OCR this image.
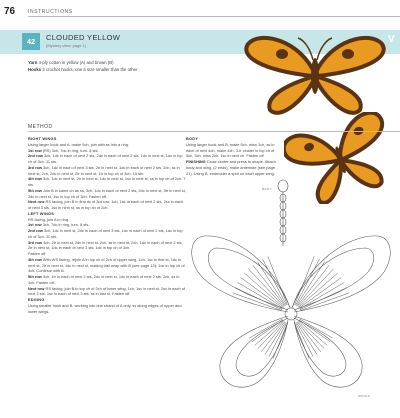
76	INSTRUCTIONS
42	CLOUDED YELLOW
(Mystery view: page 1)
V
Yarn 4-ply cotton in yellow (A) and brown (B)
Hooks 2 crochet hooks, one a size smaller than the other
METHOD

RIGHT WINGS

Using larger hook and A, make 9ch, join with ss into a ring.

1st row (RS) 3ch, 7dc in ring, turn. 8 sts.

2nd row 3ch, 1dc in each of next 2 sts, 2dc in each of next 2 sts, 1dc in next st, 1dc in top ch of 3ch. 11 sts.

3rd row 3ch, 1dc in each of next 3 sts, 2tr in next st, 1dc in each of next 2 sts, 2ch, ss in next st, 2ch, 2dc in next st, 2tr in next st, 1tr in top ch of 3ch. 15 sts.

4th row 3ch, 1dc in next st, 2tr in next st, 1dc in next st, 1sc in next st, ss in top ch of 2ch. 7 sts.

5th row Join B in same ch as ss, 3ch, 1dc in each of next 2 sts, 2dc in next st, 3tr in next st, 2dc in next st, 1sc in top ch of 3ch. Fasten off.

Next row RS facing, join B in first dc of 3rd row, 1ch, 1sc in each of next 2 sts, 2sc in each of next 3 sts, 1sc in next st, ss in top ch of 2ch.

LEFT WINGS

RS facing, join A in ring.

1st row 3ch, 7dc in ring, turn. 8 sts.

2nd row 3ch, 1dc in next st, 2dc in each of next 3 sts, 1dc in each of next 2 sts, 1dc in top ch of 3ch. 11 sts.

3rd row 4ch, 2tr in next st, 2dc in next st, 2ch, ss in next st, 2ch, 1dc in each of next 2 sts, 2tr in next st, 1dc in each of next 3 sts, 1dc in top ch of 3ch.

Fasten off.

4th row With WS facing, rejoin A in top ch of 2ch of upper wing, 1ch, 1sc in first st, 1dc in next st, 2tr in next st, 1dc in next st, making last wrap with B (see page 13): 1dc in top ch of 4ch. Continue with B.

5th row 3ch, 1tr in each of next 2 sts, 2dc in next st, 1dc in each of next 2 sts, 2ch, ss in 1ch. Fasten off.

Next row RS facing, join B in top ch of 2ch of lower wing, 1ch, 1sc in next st, 2sc in each of next 3 sts, 1sc in each of next 3 sts, ss in last st. Fasten off.

EDGING

Using smaller hook and B, working into one strand of A only, ss along edges of upper and lower wings.

BODY

Using larger hook and B, make 5ch, miss 1ch, ss in each of next 4ch, make 4ch, 3-tr cluster in top ch of 5ch, 3ch, miss 2ch, 1sc in next ch. Fasten off.

FINISHING Close center and press to shape. Attach body and wing, (2 ends), make antennae (see page 21). Using B, embroider a spot on each upper wing.

BODY
WINGS
